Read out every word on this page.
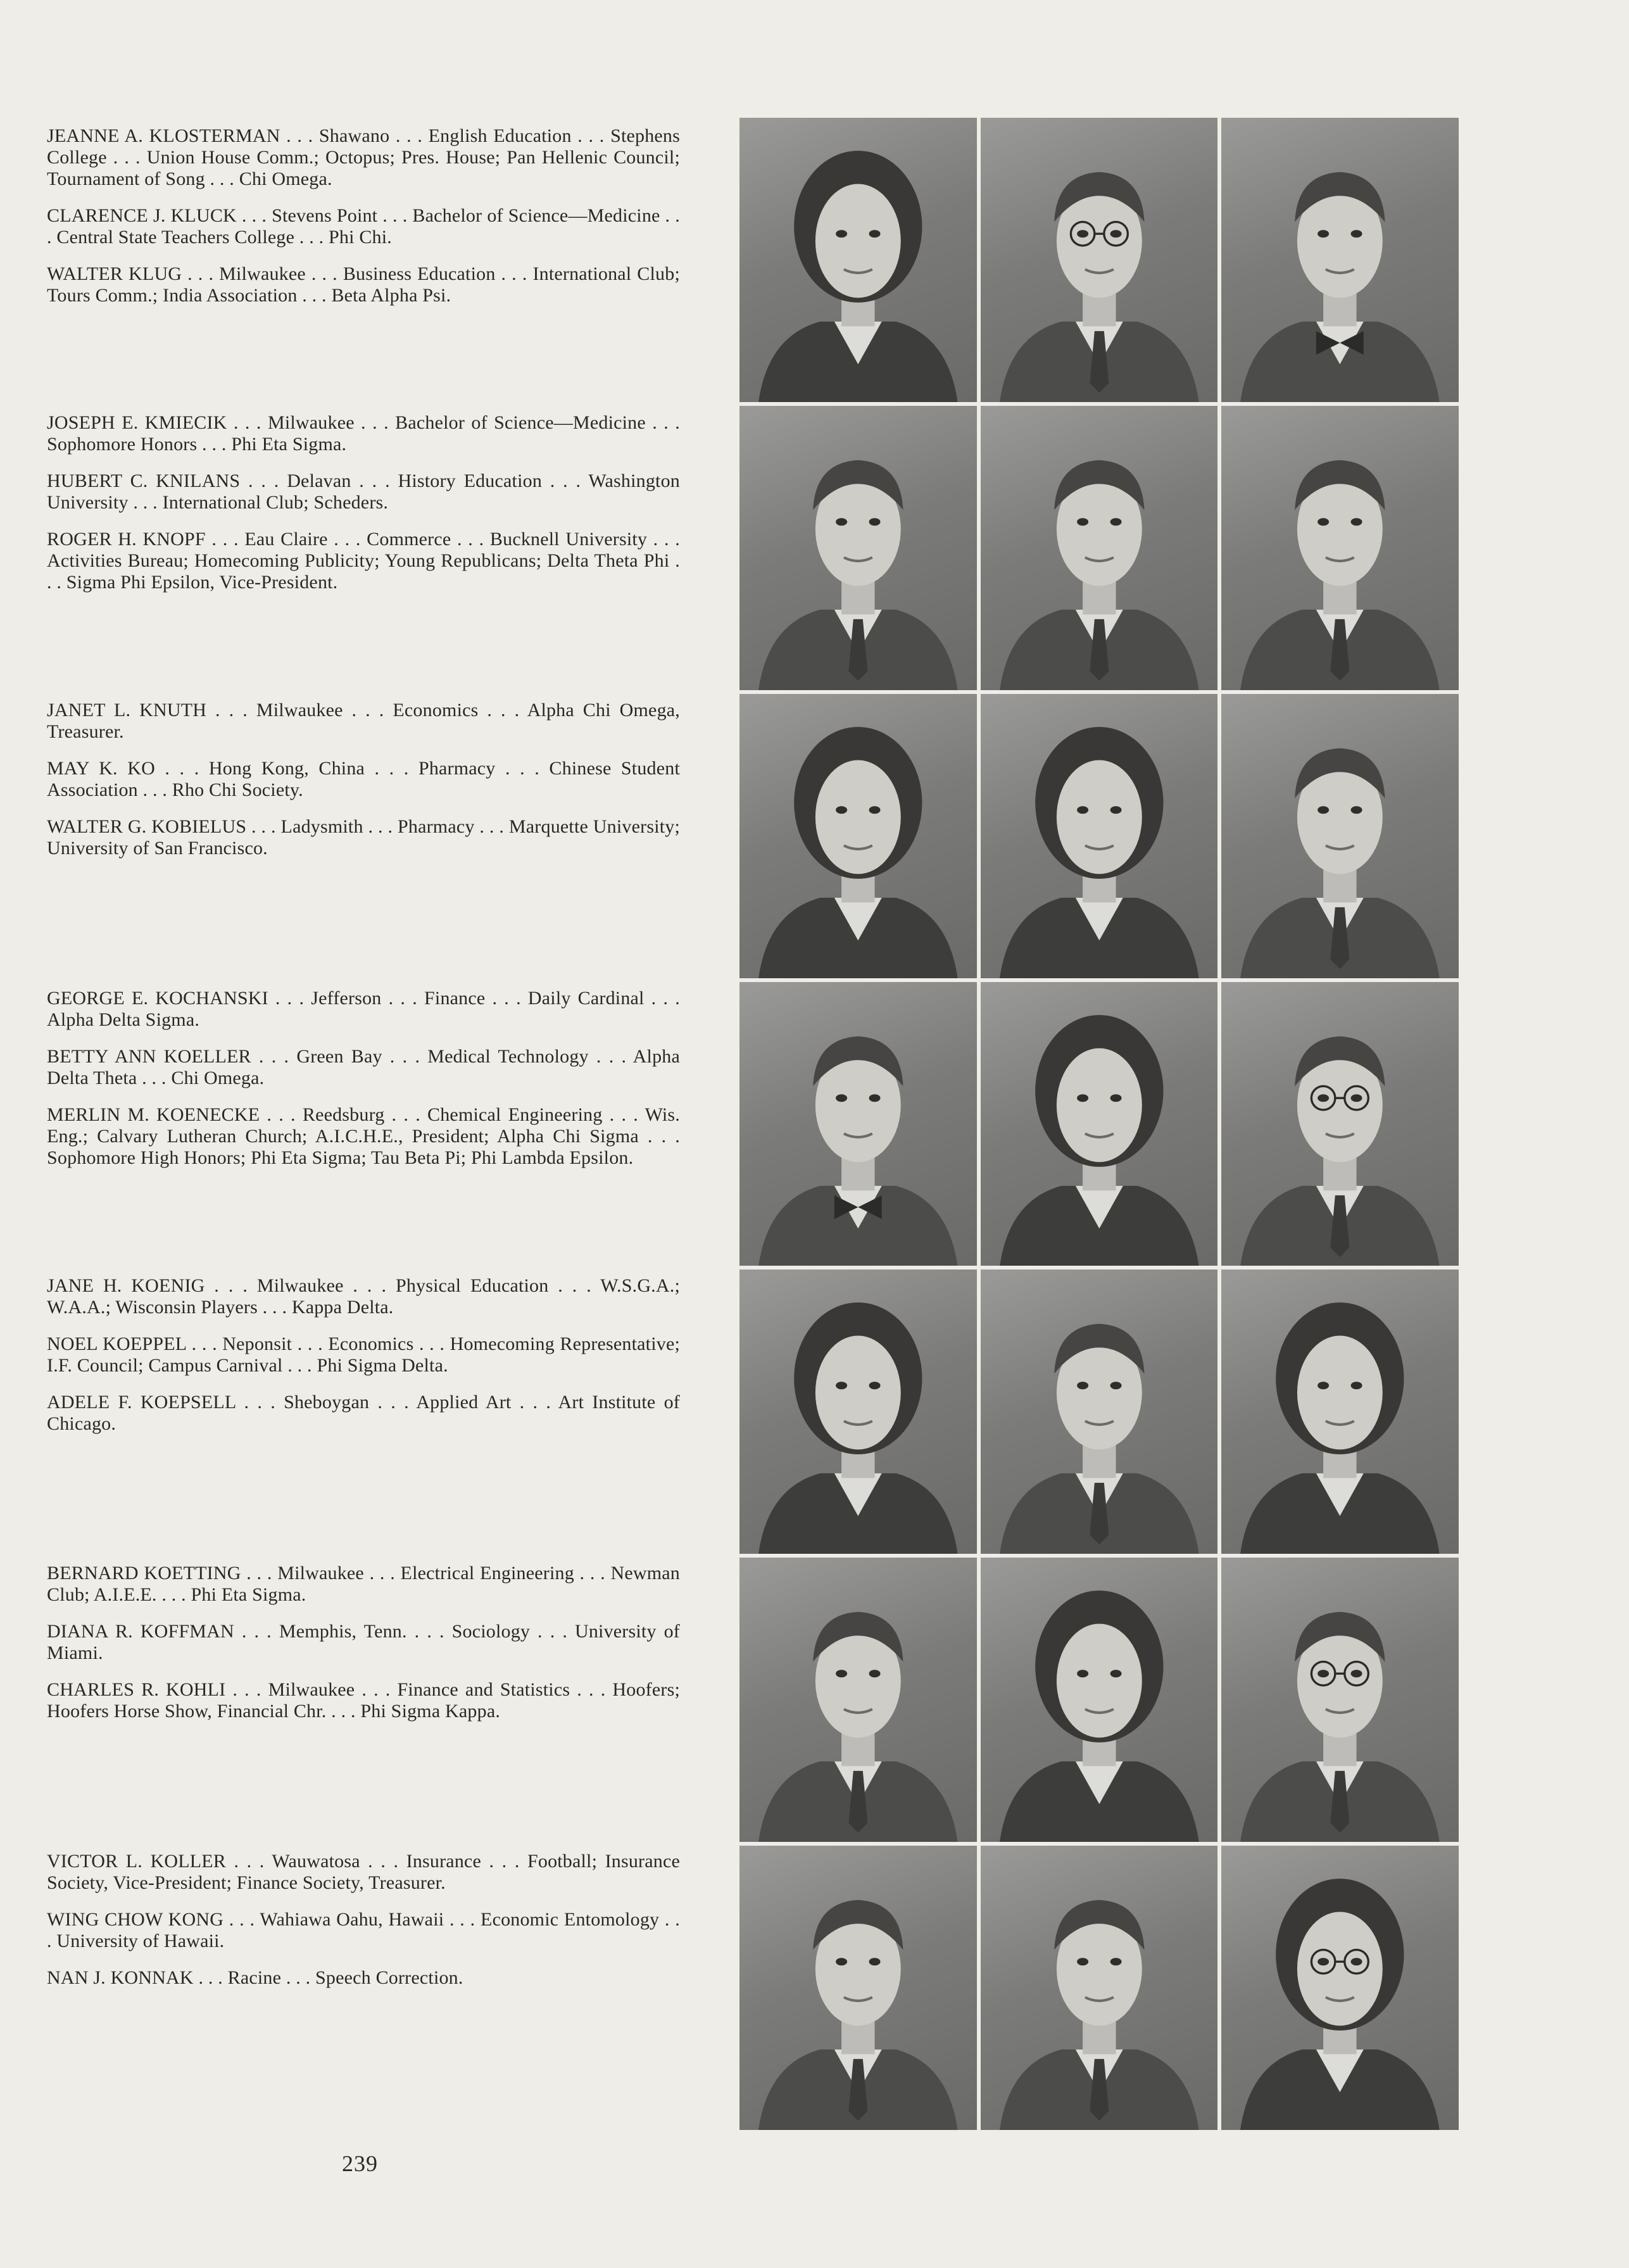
JEANNE A. KLOSTERMAN . . . Shawano . . . English Education . . . Stephens College . . . Union House Comm.; Octopus; Pres. House; Pan Hellenic Council; Tournament of Song . . . Chi Omega.

CLARENCE J. KLUCK . . . Stevens Point . . . Bachelor of Science—Medicine . . . Central State Teachers College . . . Phi Chi.

WALTER KLUG . . . Milwaukee . . . Business Education . . . International Club; Tours Comm.; India Association . . . Beta Alpha Psi.

JOSEPH E. KMIECIK . . . Milwaukee . . . Bachelor of Science—Medicine . . . Sophomore Honors . . . Phi Eta Sigma.

HUBERT C. KNILANS . . . Delavan . . . History Education . . . Washington University . . . International Club; Scheders.

ROGER H. KNOPF . . . Eau Claire . . . Commerce . . . Bucknell University . . . Activities Bureau; Homecoming Publicity; Young Republicans; Delta Theta Phi . . . Sigma Phi Epsilon, Vice-President.

JANET L. KNUTH . . . Milwaukee . . . Economics . . . Alpha Chi Omega, Treasurer.

MAY K. KO . . . Hong Kong, China . . . Pharmacy . . . Chinese Student Association . . . Rho Chi Society.

WALTER G. KOBIELUS . . . Ladysmith . . . Pharmacy . . . Marquette University; University of San Francisco.

GEORGE E. KOCHANSKI . . . Jefferson . . . Finance . . . Daily Cardinal . . . Alpha Delta Sigma.

BETTY ANN KOELLER . . . Green Bay . . . Medical Technology . . . Alpha Delta Theta . . . Chi Omega.

MERLIN M. KOENECKE . . . Reedsburg . . . Chemical Engineering . . . Wis. Eng.; Calvary Lutheran Church; A.I.C.H.E., President; Alpha Chi Sigma . . . Sophomore High Honors; Phi Eta Sigma; Tau Beta Pi; Phi Lambda Epsilon.

JANE H. KOENIG . . . Milwaukee . . . Physical Education . . . W.S.G.A.; W.A.A.; Wisconsin Players . . . Kappa Delta.

NOEL KOEPPEL . . . Neponsit . . . Economics . . . Homecoming Representative; I.F. Council; Campus Carnival . . . Phi Sigma Delta.

ADELE F. KOEPSELL . . . Sheboygan . . . Applied Art . . . Art Institute of Chicago.

BERNARD KOETTING . . . Milwaukee . . . Electrical Engineering . . . Newman Club; A.I.E.E. . . . Phi Eta Sigma.

DIANA R. KOFFMAN . . . Memphis, Tenn. . . . Sociology . . . University of Miami.

CHARLES R. KOHLI . . . Milwaukee . . . Finance and Statistics . . . Hoofers; Hoofers Horse Show, Financial Chr. . . . Phi Sigma Kappa.

VICTOR L. KOLLER . . . Wauwatosa . . . Insurance . . . Football; Insurance Society, Vice-President; Finance Society, Treasurer.

WING CHOW KONG . . . Wahiawa Oahu, Hawaii . . . Economic Entomology . . . University of Hawaii.

NAN J. KONNAK . . . Racine . . . Speech Correction.

239
